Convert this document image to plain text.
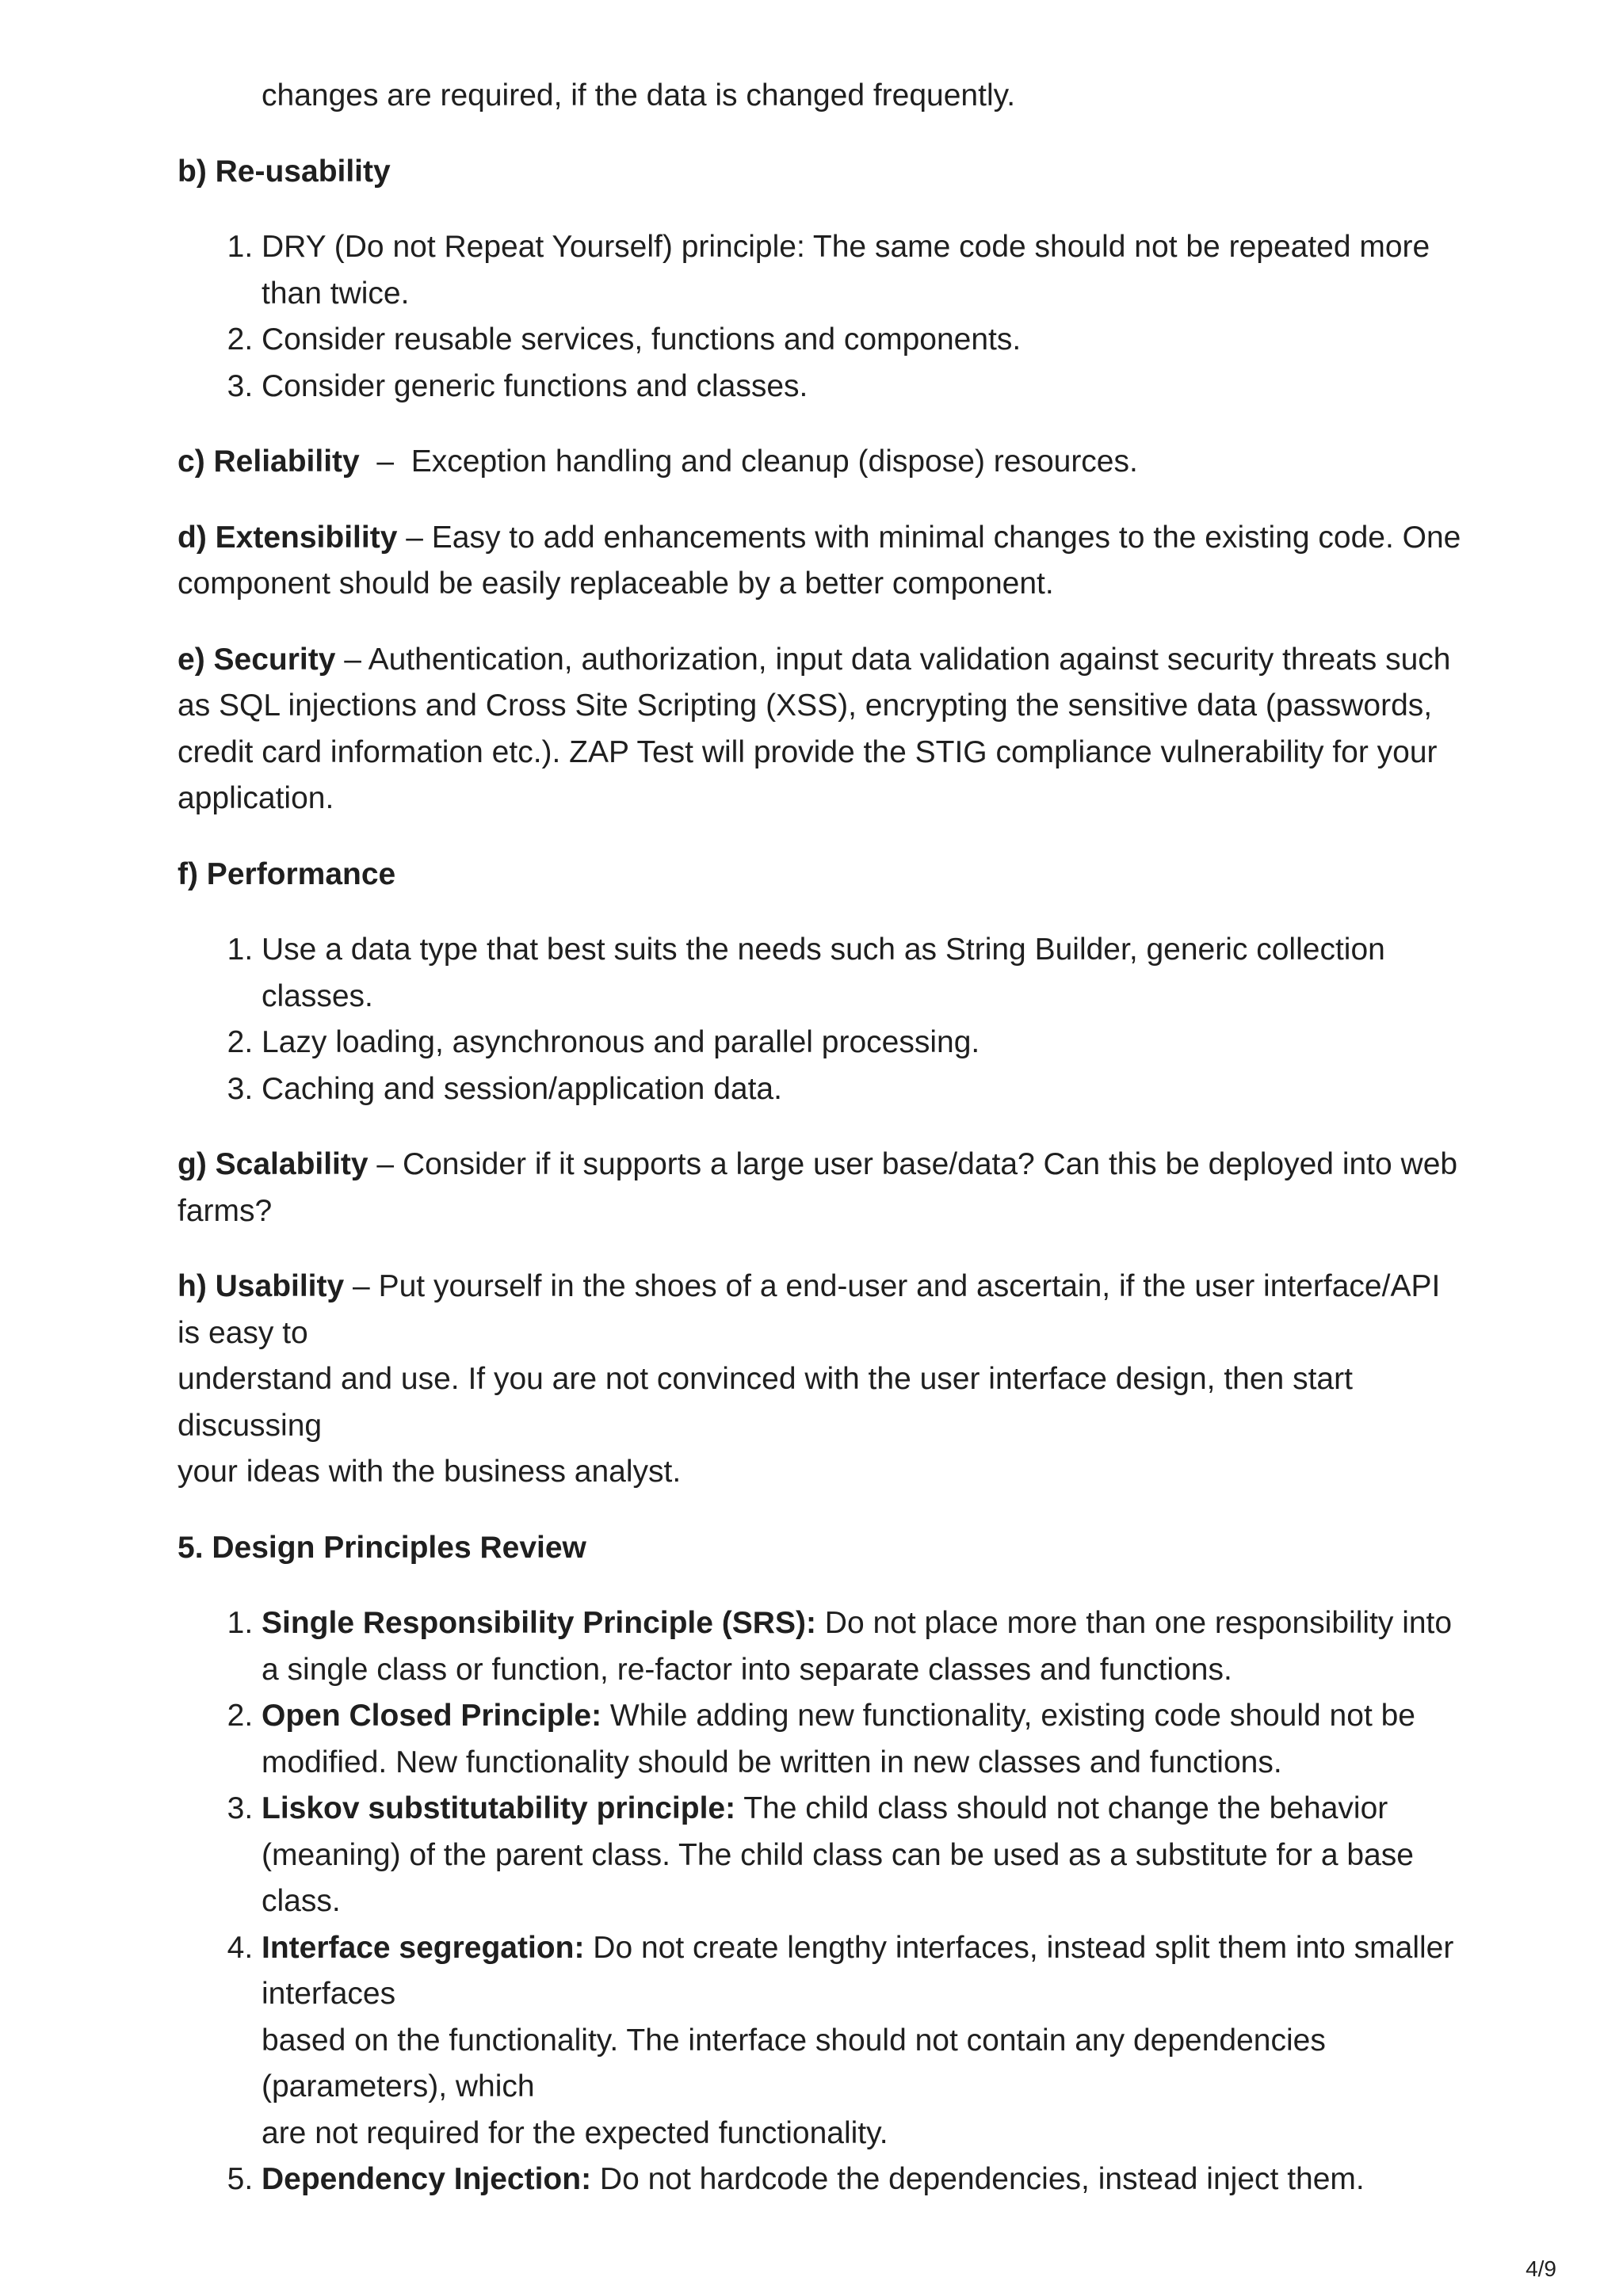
changes are required, if the data is changed frequently.

b) Re-usability
1. DRY (Do not Repeat Yourself) principle: The same code should not be repeated more than twice.
2. Consider reusable services, functions and components.
3. Consider generic functions and classes.

c) Reliability  –  Exception handling and cleanup (dispose) resources.

d) Extensibility – Easy to add enhancements with minimal changes to the existing code. One component should be easily replaceable by a better component.

e) Security – Authentication, authorization, input data validation against security threats such as SQL injections and Cross Site Scripting (XSS), encrypting the sensitive data (passwords, credit card information etc.). ZAP Test will provide the STIG compliance vulnerability for your application.

f) Performance
1. Use a data type that best suits the needs such as String Builder, generic collection classes.
2. Lazy loading, asynchronous and parallel processing.
3. Caching and session/application data.

g) Scalability – Consider if it supports a large user base/data? Can this be deployed into web farms?

h) Usability – Put yourself in the shoes of a end-user and ascertain, if the user interface/API is easy to
understand and use. If you are not convinced with the user interface design, then start discussing
your ideas with the business analyst.

5. Design Principles Review
1. Single Responsibility Principle (SRS): Do not place more than one responsibility into a single class or function, re-factor into separate classes and functions.
2. Open Closed Principle: While adding new functionality, existing code should not be modified. New functionality should be written in new classes and functions.
3. Liskov substitutability principle: The child class should not change the behavior (meaning) of the parent class. The child class can be used as a substitute for a base class.
4. Interface segregation: Do not create lengthy interfaces, instead split them into smaller interfaces
based on the functionality. The interface should not contain any dependencies (parameters), which
are not required for the expected functionality.
5. Dependency Injection: Do not hardcode the dependencies, instead inject them.
4/9
